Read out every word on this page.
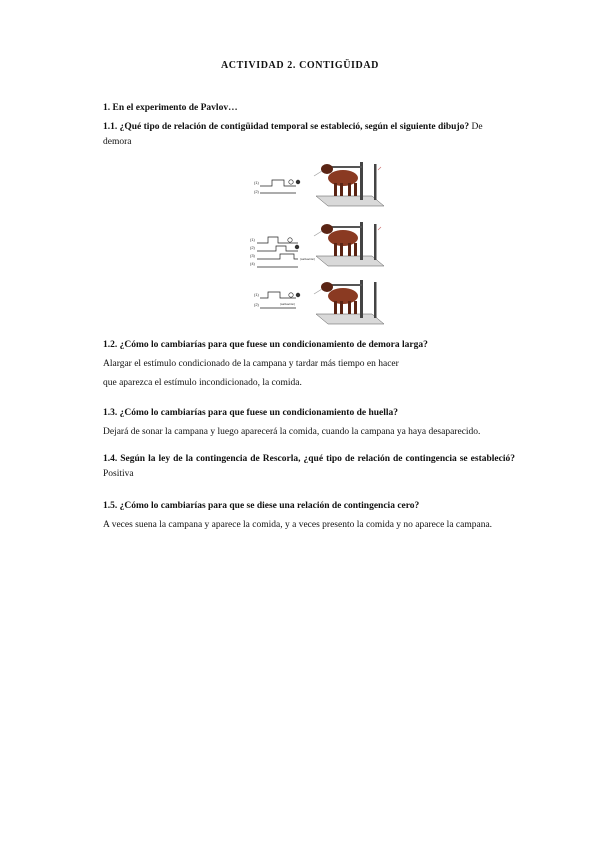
ACTIVIDAD 2. CONTIGÜIDAD
1. En el experimento de Pavlov…
1.1. ¿Qué tipo de relación de contigüidad temporal se estableció, según el siguiente dibujo? De
demora
(1)
(2)
(1)
(2)
(3)
(4)
(salivación)
(1)
(2)	(salivación)
1.2. ¿Cómo lo cambiarías para que fuese un condicionamiento de demora larga?
Alargar el estímulo condicionado de la campana y tardar más tiempo en hacer
que aparezca el estímulo incondicionado, la comida.
1.3. ¿Cómo lo cambiarías para que fuese un condicionamiento de huella?
Dejará de sonar la campana y luego aparecerá la comida, cuando la campana ya haya desaparecido.
1.4. Según la ley de la contingencia de Rescorla, ¿qué tipo de relación de contingencia se estableció? Positiva
1.5. ¿Cómo lo cambiarías para que se diese una relación de contingencia cero?
A veces suena la campana y aparece la comida, y a veces presento la comida y no aparece la campana.
